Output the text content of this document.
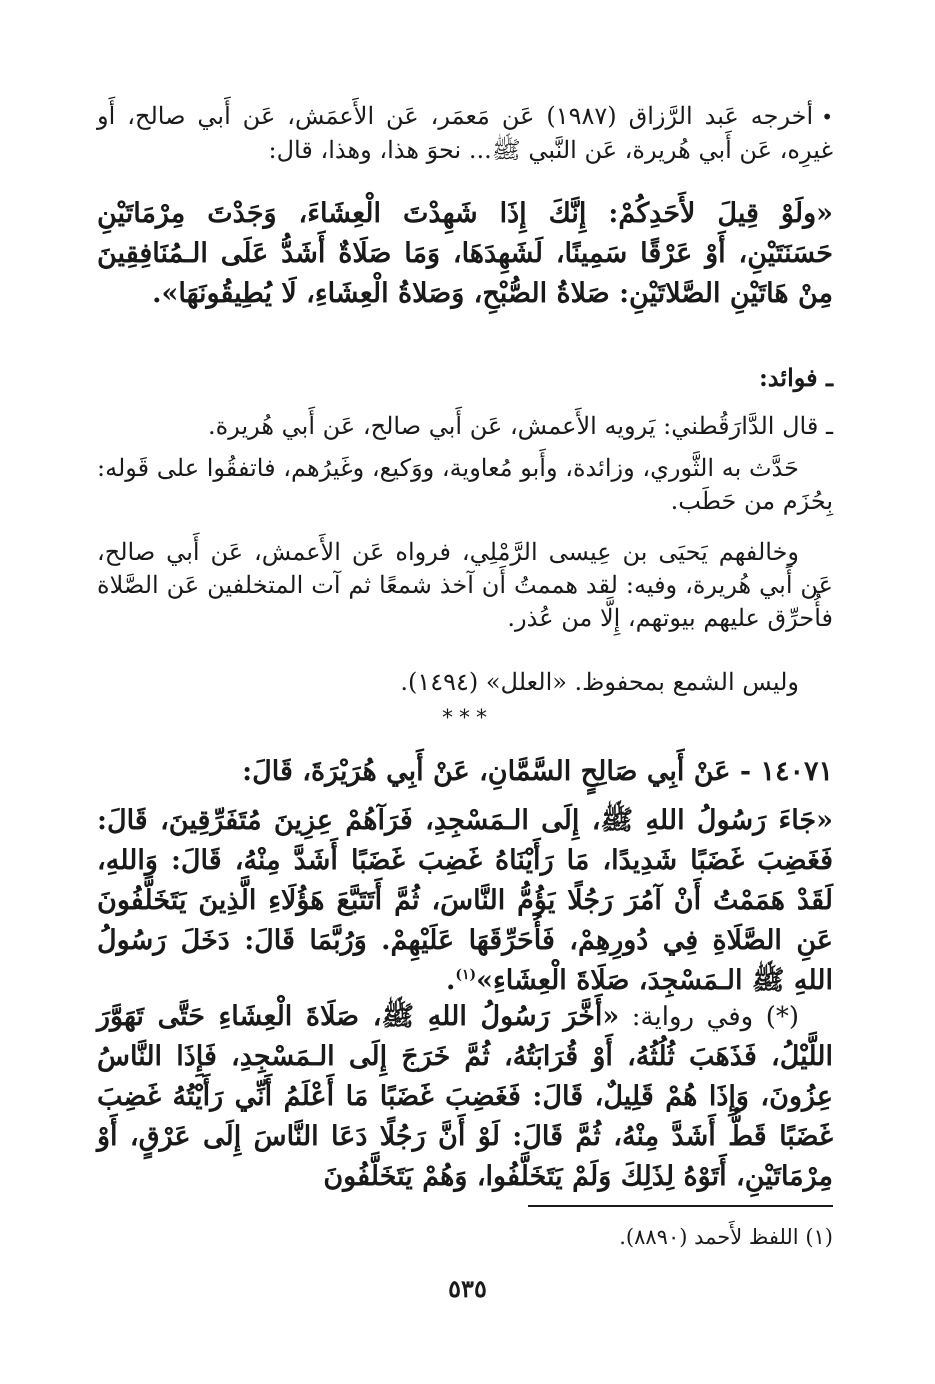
•أخرجه عَبد الرَّزاق (١٩٨٧) عَن مَعمَر، عَن الأَعمَش، عَن أَبي صالح، أَو غيرِه، عَن أَبي هُريرة، عَن النَّبي ﷺ... نحوَ هذا، وهذا، قال:
«ولَوْ قِيلَ لأَحَدِكُمْ: إِنَّكَ إِذَا شَهِدْتَ الْعِشَاءَ، وَجَدْتَ مِرْمَاتَيْنِ حَسَنَتَيْنِ، أَوْ عَرْقًا سَمِينًا، لَشَهِدَهَا، وَمَا صَلَاةٌ أَشَدُّ عَلَى الـمُنَافِقِينَ مِنْ هَاتَيْنِ الصَّلاتَيْنِ: صَلاةُ الصُّبْحِ، وَصَلاةُ الْعِشَاءِ، لَا يُطِيقُونَهَا».
ـ فوائد:
ـ قال الدَّارَقُطني: يَرويه الأَعمش، عَن أَبي صالح، عَن أَبي هُريرة.
حَدَّث به الثَّوري، وزائدة، وأَبو مُعاوية، ووَكيع، وغَيرُهم، فاتفقُوا على قَوله: بِحُزَم من حَطَب.
وخالفهم يَحيَى بن عِيسى الرَّمْلِي، فرواه عَن الأَعمش، عَن أَبي صالح، عَن أَبي هُريرة، وفيه: لقد هممتُ أَن آخذ شمعًا ثم آت المتخلفين عَن الصَّلاة فأُحرِّق عليهم بيوتهم، إِلَّا من عُذر.
وليس الشمع بمحفوظ. «العلل» (١٤٩٤).
***
١٤٠٧١ - عَنْ أَبِي صَالِحٍ السَّمَّانِ، عَنْ أَبِي هُرَيْرَةَ، قَالَ:
«جَاءَ رَسُولُ اللهِ ﷺ، إِلَى الـمَسْجِدِ، فَرَآهُمْ عِزِينَ مُتَفَرِّقِينَ، قَالَ: فَغَضِبَ غَضَبًا شَدِيدًا، مَا رَأَيْنَاهُ غَضِبَ غَضَبًا أَشَدَّ مِنْهُ، قَالَ: وَاللهِ، لَقَدْ هَمَمْتُ أَنْ آمُرَ رَجُلًا يَؤُمُّ النَّاسَ، ثُمَّ أَتَتَبَّعَ هَؤُلَاءِ الَّذِينَ يَتَخَلَّفُونَ عَنِ الصَّلَاةِ فِي دُورِهِمْ، فَأُحَرِّقَهَا عَلَيْهِمْ. وَرُبَّمَا قَالَ: دَخَلَ رَسُولُ اللهِ ﷺ الـمَسْجِدَ، صَلَاةَ الْعِشَاءِ»$^{(١)}$.
(*) وفي رواية: «أَخَّرَ رَسُولُ اللهِ ﷺ، صَلَاةَ الْعِشَاءِ حَتَّى تَهَوَّرَ اللَّيْلُ، فَذَهَبَ ثُلُثُهُ، أَوْ قُرَابَتُهُ، ثُمَّ خَرَجَ إِلَى الـمَسْجِدِ، فَإِذَا النَّاسُ عِزُونَ، وَإِذَا هُمْ قَلِيلٌ، قَالَ: فَغَضِبَ غَضَبًا مَا أَعْلَمُ أَنِّي رَأَيْتُهُ غَضِبَ غَضَبًا قَطُّ أَشَدَّ مِنْهُ، ثُمَّ قَالَ: لَوْ أَنَّ رَجُلًا دَعَا النَّاسَ إِلَى عَرْقٍ، أَوْ مِرْمَاتَيْنِ، أَتَوْهُ لِذَلِكَ وَلَمْ يَتَخَلَّفُوا، وَهُمْ يَتَخَلَّفُونَ
(١) اللفظ لأَحمد (٨٨٩٠).
٥٣٥
